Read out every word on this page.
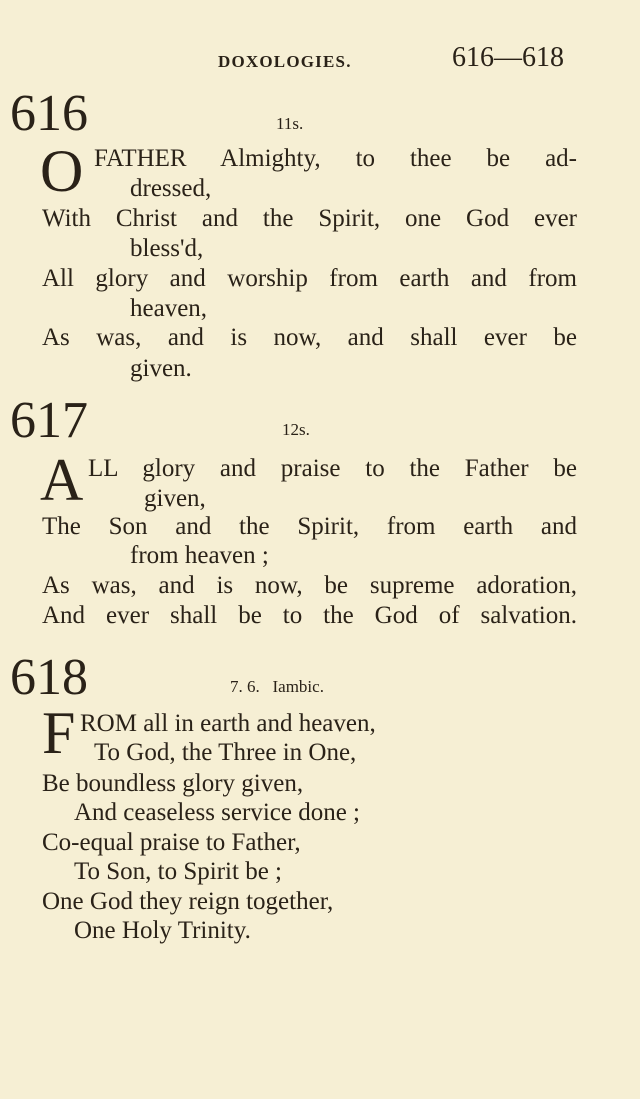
DOXOLOGIES.	616—618
616	11s.
O FATHER Almighty, to thee be ad-
dressed,
With Christ and the Spirit, one God ever
bless'd,
All glory and worship from earth and from
heaven,
As was, and is now, and shall ever be
given.
617	12s.
A LL glory and praise to the Father be
given,
The Son and the Spirit, from earth and
from heaven ;
As was, and is now, be supreme adoration,
And ever shall be to the God of salvation.
618	7. 6.   Iambic.
F ROM all in earth and heaven,
To God, the Three in One,
Be boundless glory given,
And ceaseless service done ;
Co-equal praise to Father,
To Son, to Spirit be ;
One God they reign together,
One Holy Trinity.
